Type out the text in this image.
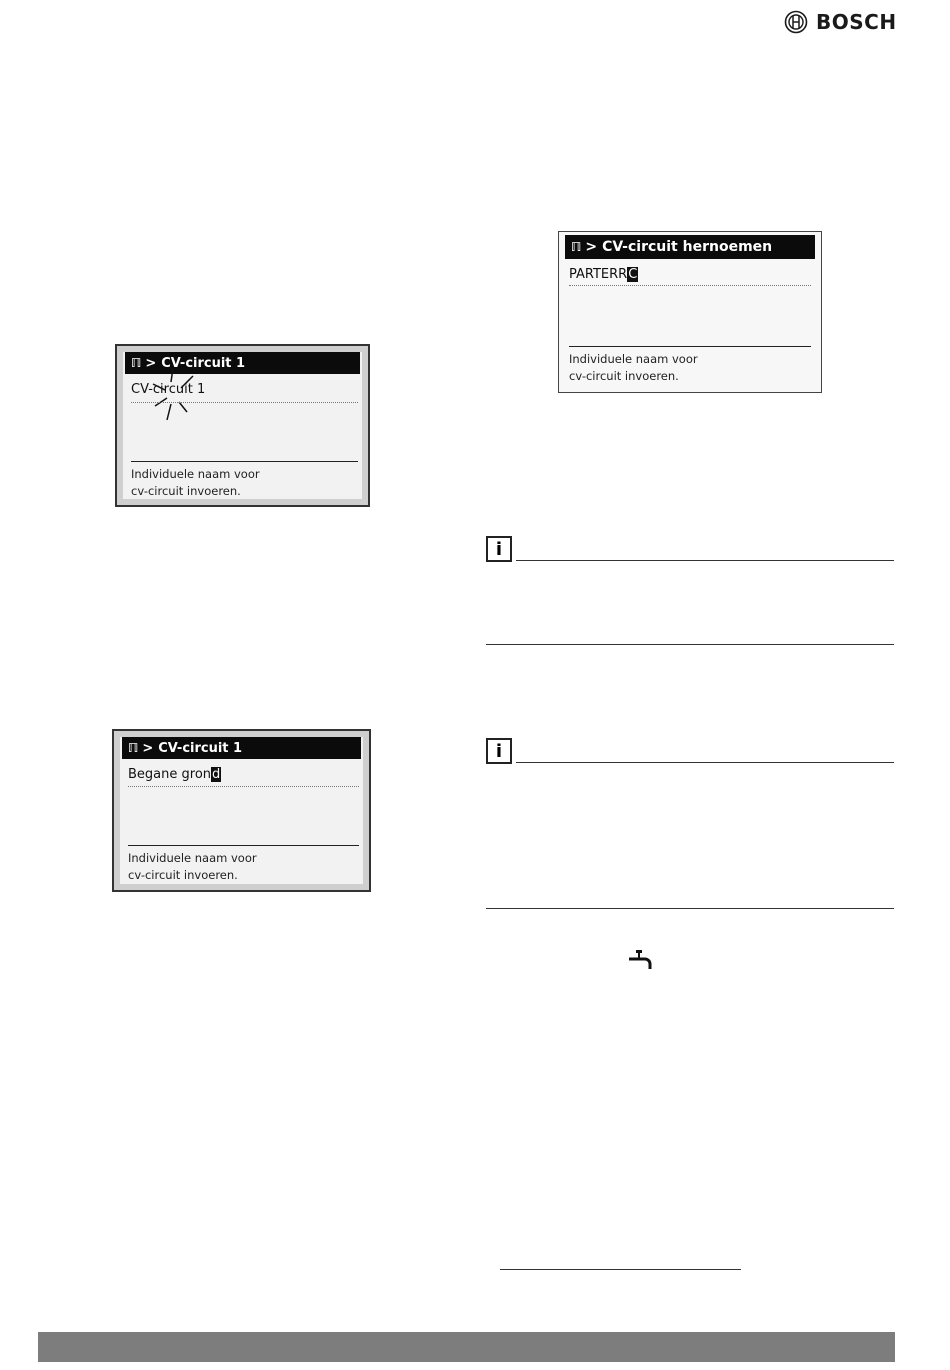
BOSCH
ℿ > CV-circuit 1
CV-circuit 1
Individuele naam voor
cv-circuit invoeren.
ℿ > CV-circuit 1
Begane grond
Individuele naam voor
cv-circuit invoeren.
ℿ > CV-circuit hernoemen
PARTERRC
Individuele naam voor
cv-circuit invoeren.
i
i
